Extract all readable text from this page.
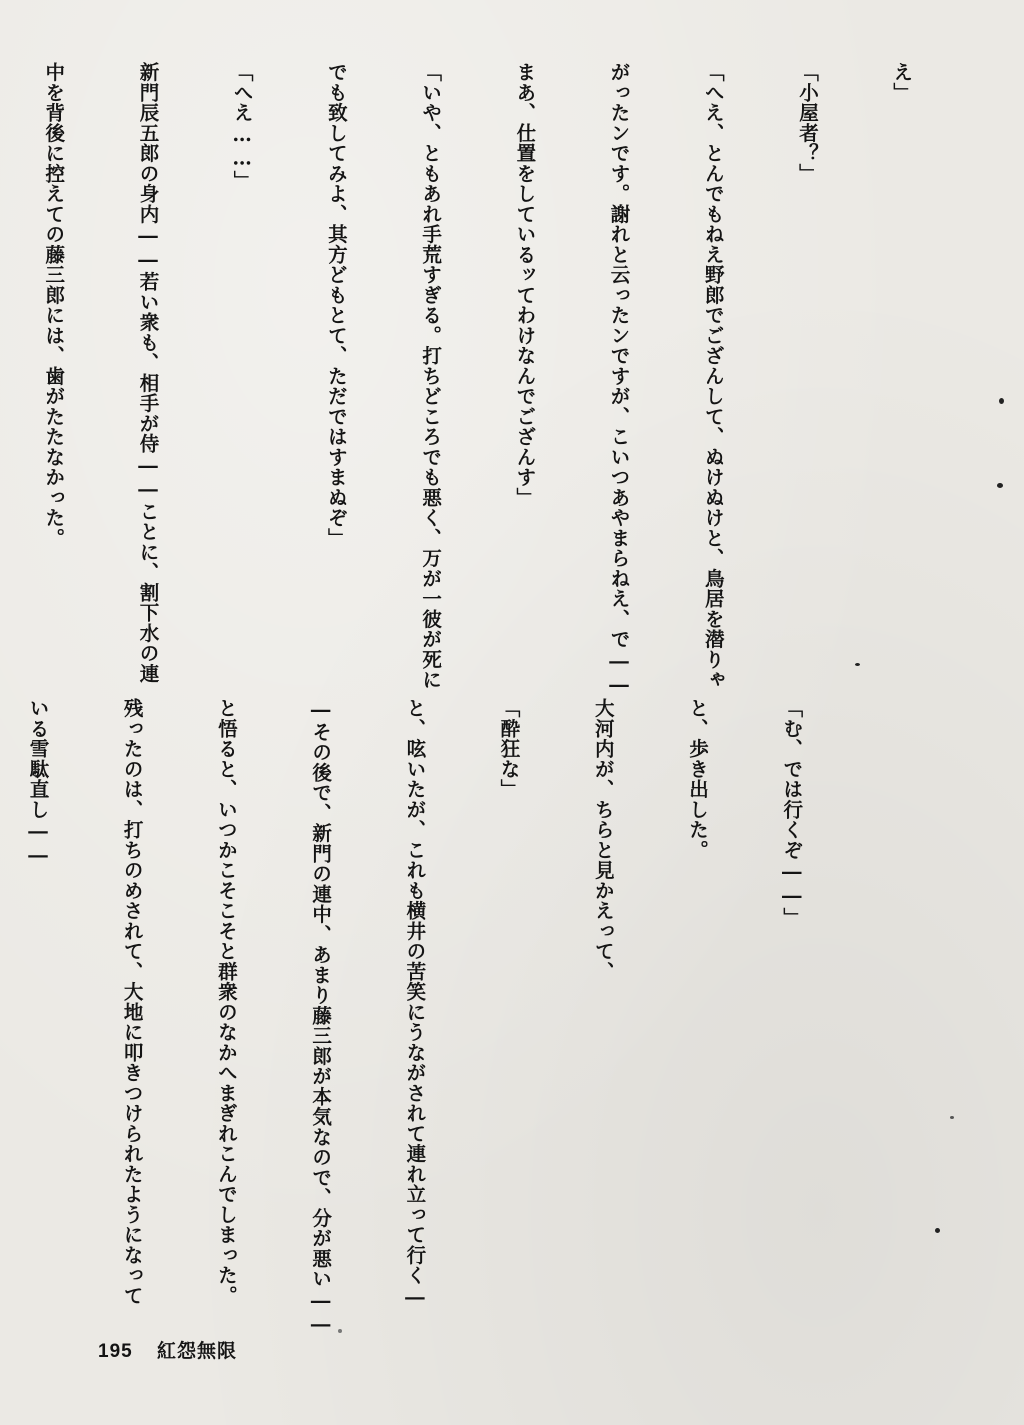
え」

「小屋者？」

「へえ、とんでもねえ野郎でござんして、ぬけぬけと、鳥居を潜りゃ

がったンです。謝れと云ったンですが、こいつあやまらねえ、で――

まあ、仕置をしているッてわけなんでござんす」

「いや、ともあれ手荒すぎる。打ちどころでも悪く、万が一彼が死に

でも致してみよ、其方どもとて、ただではすまぬぞ」

「へえ……」

新門辰五郎の身内――若い衆も、相手が侍――ことに、割下水の連

中を背後に控えての藤三郎には、歯がたたなかった。

「む、では行くぞ――」

と、歩き出した。

大河内が、ちらと見かえって、

「酔狂な」

と、呟いたが、これも横井の苦笑にうながされて連れ立って行く―

―その後で、新門の連中、あまり藤三郎が本気なので、分が悪い――

と悟ると、いつかこそこそと群衆のなかへまぎれこんでしまった。

残ったのは、打ちのめされて、大地に叩きつけられたようになって

いる雪駄直し――

195 紅怨無限
